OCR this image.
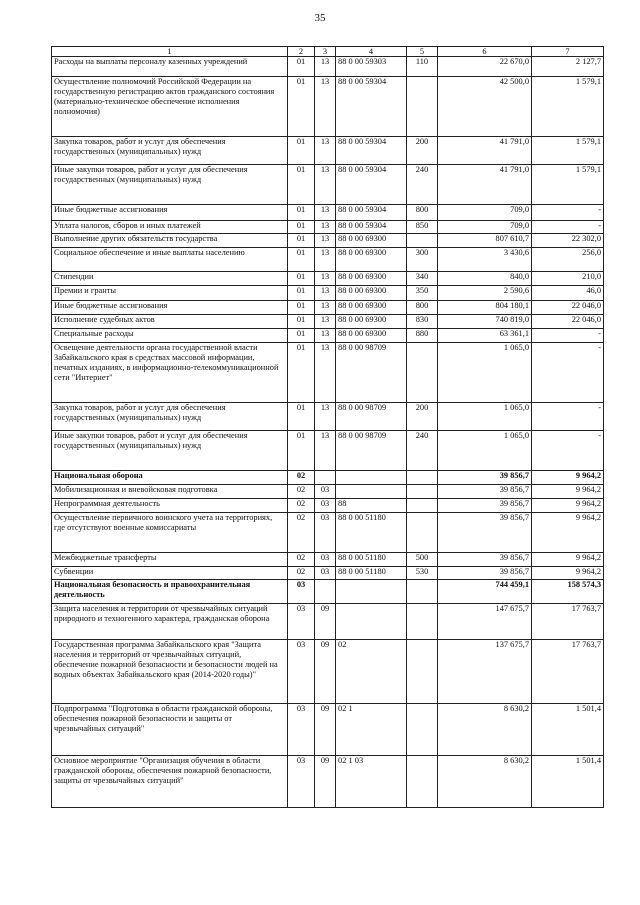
35
1	2	3	4	5	6	7
Расходы на выплаты персоналу казенных учреждений	01	13	88 0 00 59303	110	22 670,0	2 127,7
Осуществление полномочий Российской Федерации на государственную регистрацию актов гражданского состояния (материально-техническое обеспечение исполнения полномочия)	01	13	88 0 00 59304		42 500,0	1 579,1
Закупка товаров, работ и услуг для обеспечения государственных (муниципальных) нужд	01	13	88 0 00 59304	200	41 791,0	1 579,1
Иные закупки товаров, работ и услуг для обеспечения государственных (муниципальных) нужд	01	13	88 0 00 59304	240	41 791,0	1 579,1
Иные бюджетные ассигнования	01	13	88 0 00 59304	800	709,0	-
Уплата налогов, сборов и иных платежей	01	13	88 0 00 59304	850	709,0	-
Выполнение других обязательств государства	01	13	88 0 00 69300		807 610,7	22 302,0
Социальное обеспечение и иные выплаты населению	01	13	88 0 00 69300	300	3 430,6	256,0
Стипендии	01	13	88 0 00 69300	340	840,0	210,0
Премии и гранты	01	13	88 0 00 69300	350	2 590,6	46,0
Иные бюджетные ассигнования	01	13	88 0 00 69300	800	804 180,1	22 046,0
Исполнение судебных актов	01	13	88 0 00 69300	830	740 819,0	22 046,0
Специальные расходы	01	13	88 0 00 69300	880	63 361,1	-
Освещение деятельности органа государственной власти Забайкальского края в средствах массовой информации, печатных изданиях, в информационно-телекоммуникационной сети "Интернет"	01	13	88 0 00 98709		1 065,0	-
Закупка товаров, работ и услуг для обеспечения государственных (муниципальных) нужд	01	13	88 0 00 98709	200	1 065,0	-
Иные закупки товаров, работ и услуг для обеспечения государственных (муниципальных) нужд	01	13	88 0 00 98709	240	1 065,0	-
Национальная оборона	02				39 856,7	9 964,2
Мобилизационная и вневойсковая подготовка	02	03			39 856,7	9 964,2
Непрограммная деятельность	02	03	88		39 856,7	9 964,2
Осуществление первичного воинского учета на территориях, где отсутствуют военные комиссариаты	02	03	88 0 00 51180		39 856,7	9 964,2
Межбюджетные трансферты	02	03	88 0 00 51180	500	39 856,7	9 964,2
Субвенции	02	03	88 0 00 51180	530	39 856,7	9 964,2
Национальная безопасность и правоохранительная деятельность	03				744 459,1	158 574,3
Защита населения и территории от чрезвычайных ситуаций природного и техногенного характера, гражданская оборона	03	09			147 675,7	17 763,7
Государственная программа Забайкальского края "Защита населения и территорий от чрезвычайных ситуаций, обеспечение пожарной безопасности и безопасности людей на водных объектах Забайкальского края (2014-2020 годы)"	03	09	02		137 675,7	17 763,7
Подпрограмма "Подготовка в области гражданской обороны, обеспечения пожарной безопасности и защиты от чрезвычайных ситуаций"	03	09	02 1		8 630,2	1 501,4
Основное мероприятие "Организация обучения в области гражданской обороны, обеспечения пожарной безопасности, защиты от чрезвычайных ситуаций"	03	09	02 1 03		8 630,2	1 501,4
